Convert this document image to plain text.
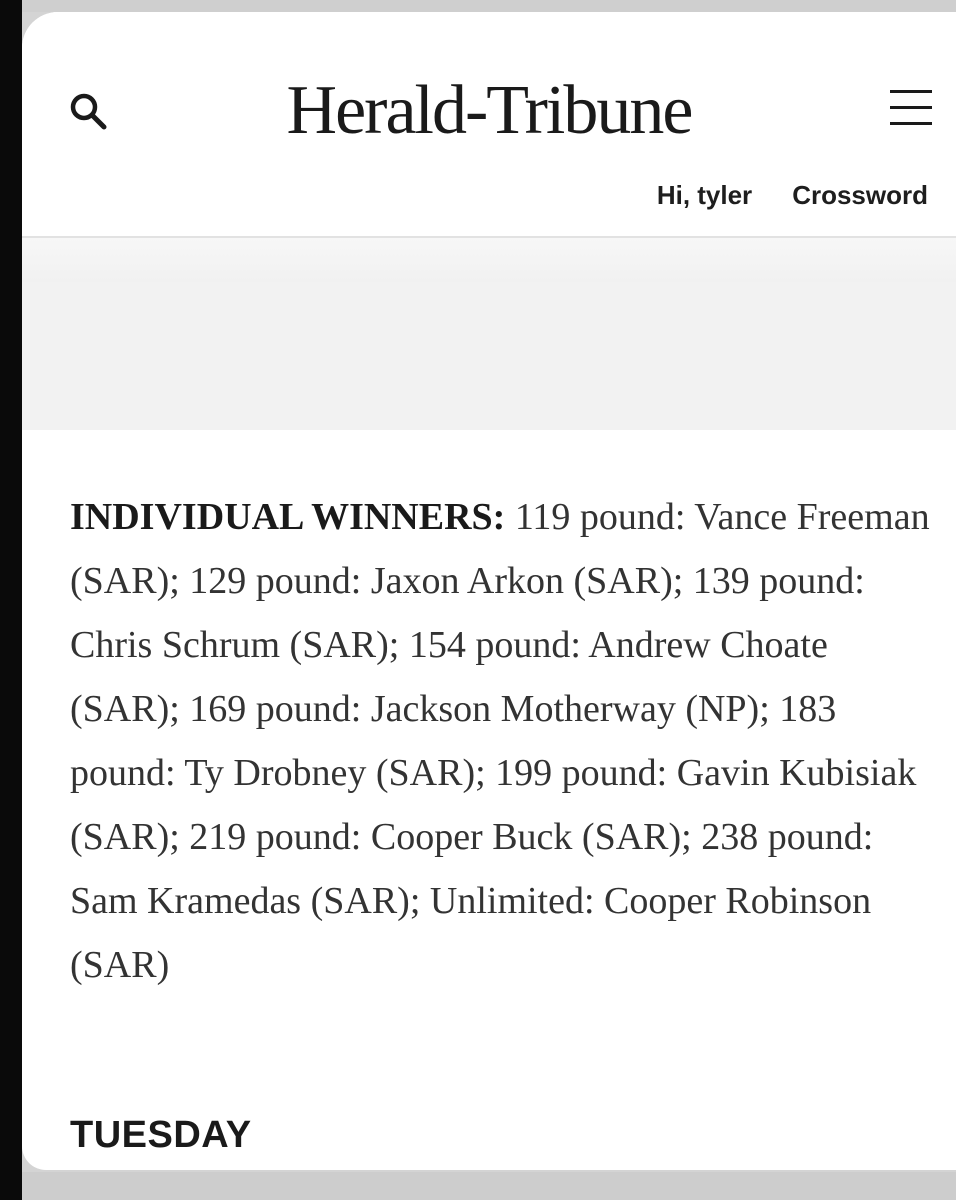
Herald-Tribune
Hi, tyler Crossword
INDIVIDUAL WINNERS: 119 pound: Vance Freeman (SAR); 129 pound: Jaxon Arkon (SAR); 139 pound: Chris Schrum (SAR); 154 pound: Andrew Choate (SAR); 169 pound: Jackson Motherway (NP); 183 pound: Ty Drobney (SAR); 199 pound: Gavin Kubisiak (SAR); 219 pound: Cooper Buck (SAR); 238 pound: Sam Kramedas (SAR); Unlimited: Cooper Robinson (SAR)
TUESDAY
